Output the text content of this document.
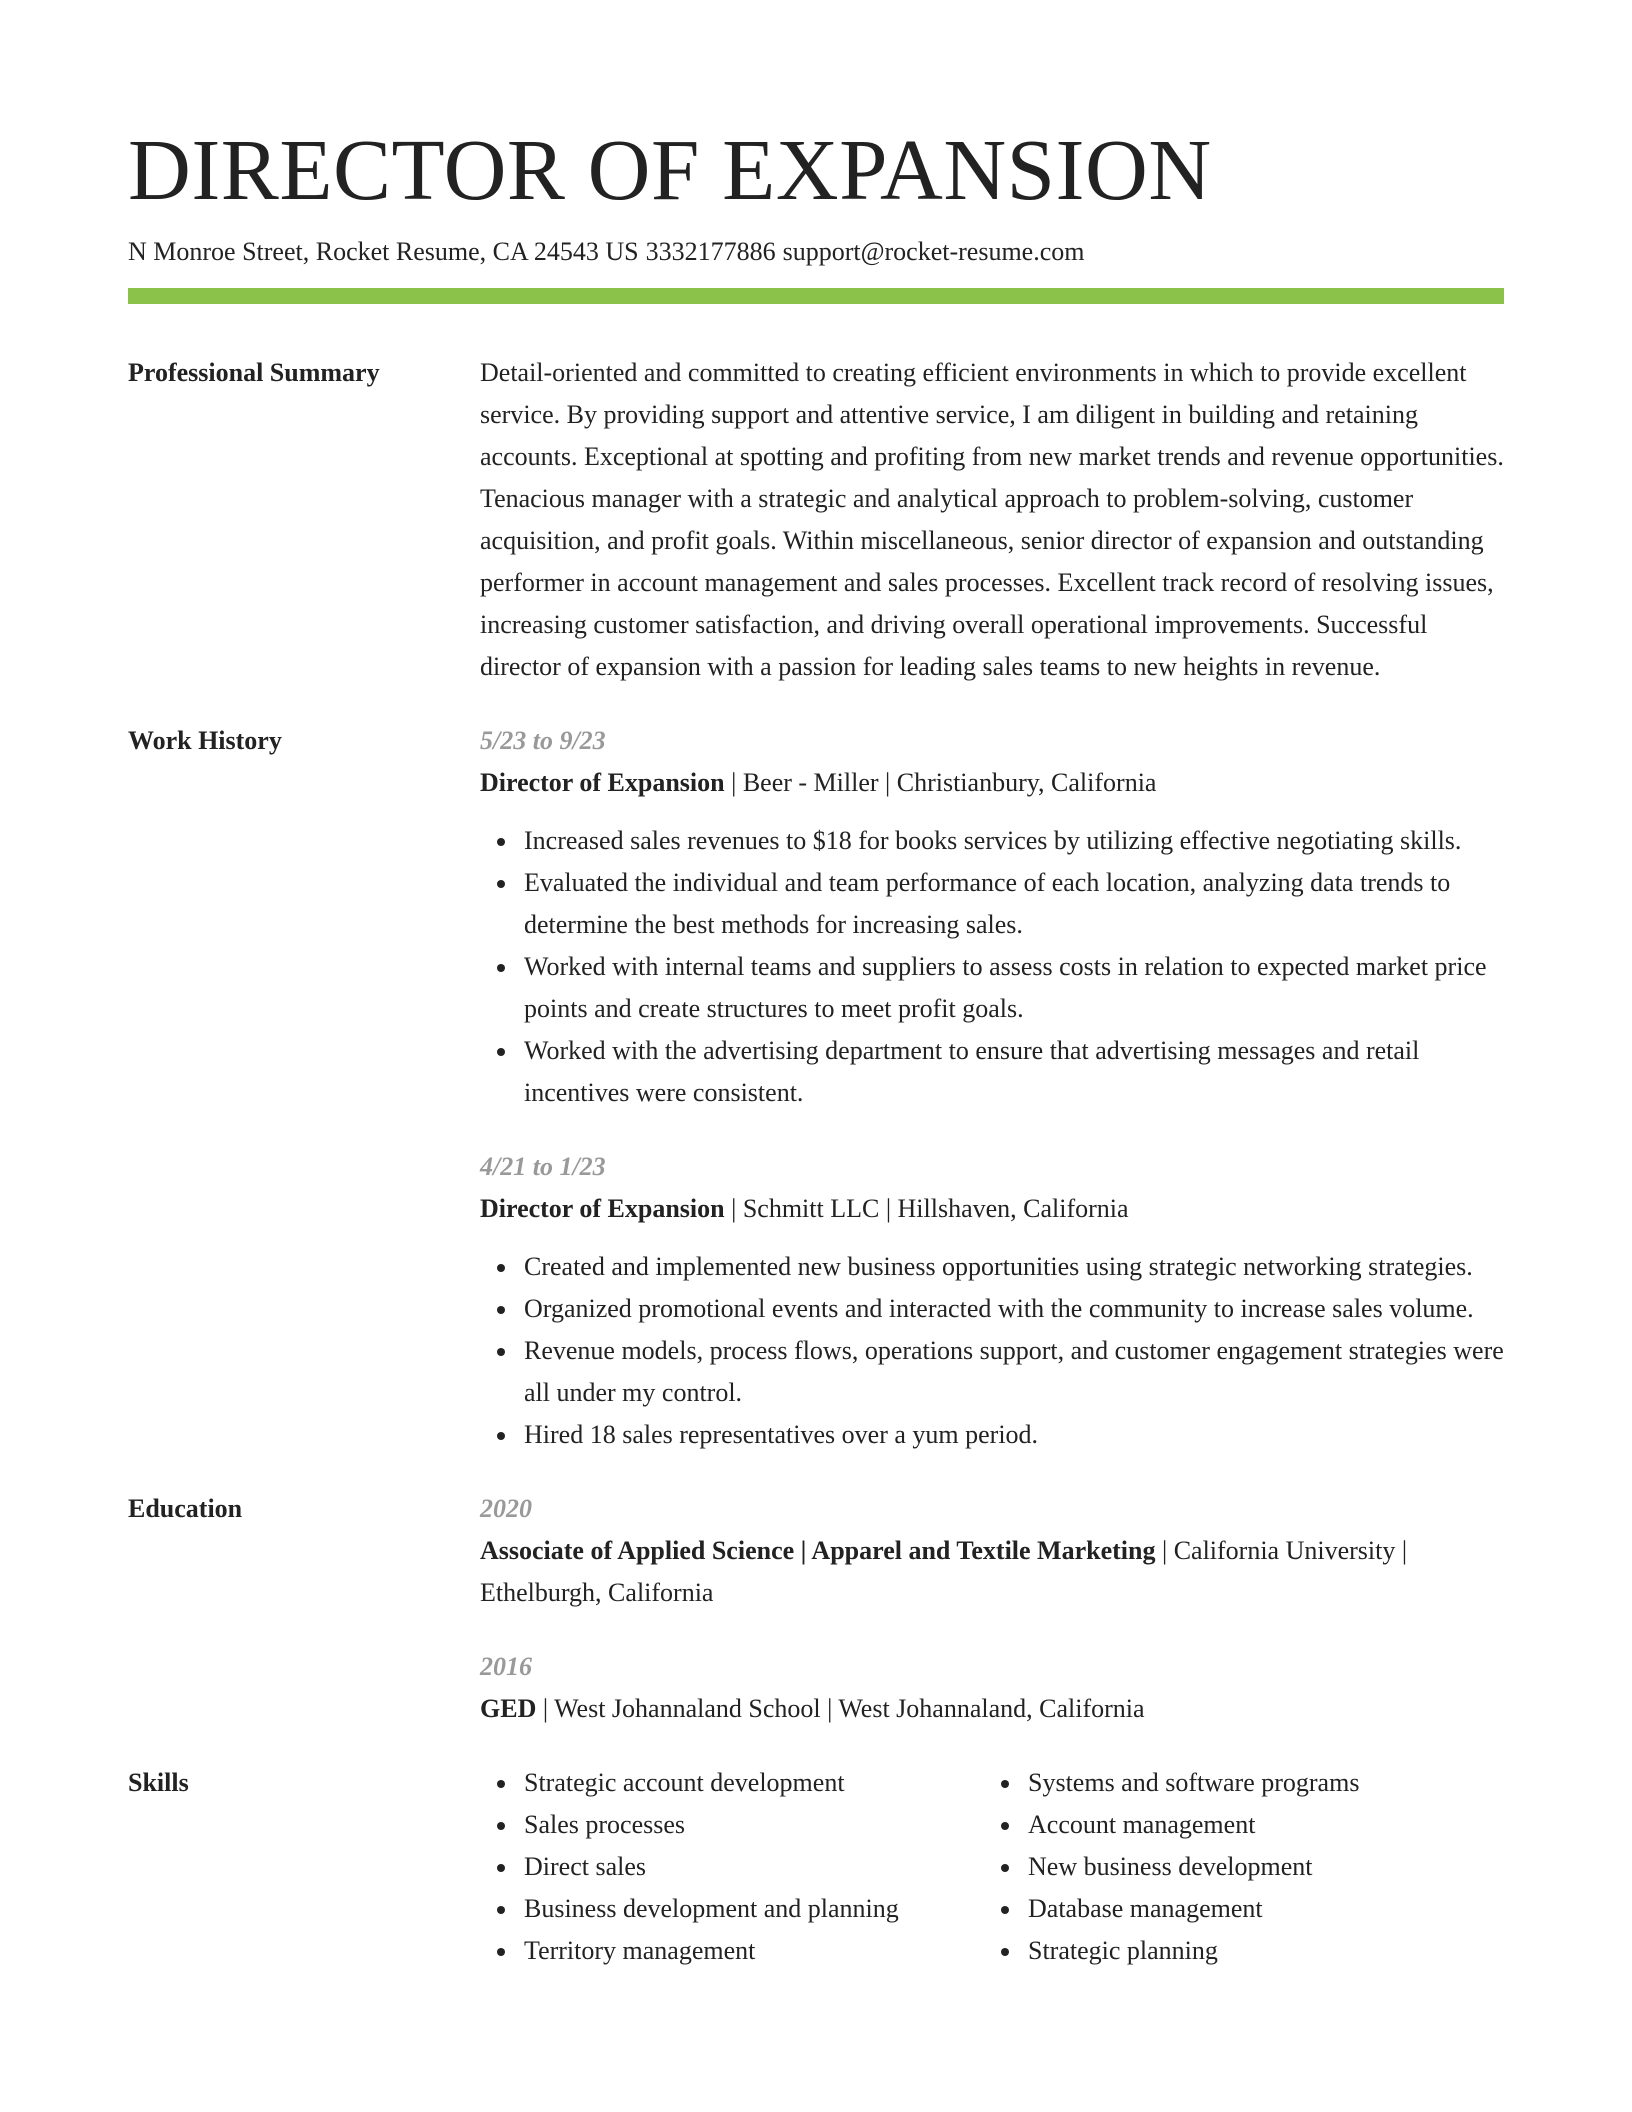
DIRECTOR OF EXPANSION
N Monroe Street, Rocket Resume, CA 24543 US 3332177886 support@rocket-resume.com
Professional Summary	Detail-oriented and committed to creating efficient environments in which to provide excellent service. By providing support and attentive service, I am diligent in building and retaining accounts. Exceptional at spotting and profiting from new market trends and revenue opportunities. Tenacious manager with a strategic and analytical approach to problem-solving, customer acquisition, and profit goals. Within miscellaneous, senior director of expansion and outstanding performer in account management and sales processes. Excellent track record of resolving issues, increasing customer satisfaction, and driving overall operational improvements. Successful director of expansion with a passion for leading sales teams to new heights in revenue.

Work History	5/23 to 9/23
Director of Expansion | Beer - Miller | Christianbury, California
Increased sales revenues to $18 for books services by utilizing effective negotiating skills.
Evaluated the individual and team performance of each location, analyzing data trends to determine the best methods for increasing sales.
Worked with internal teams and suppliers to assess costs in relation to expected market price points and create structures to meet profit goals.
Worked with the advertising department to ensure that advertising messages and retail incentives were consistent.
4/21 to 1/23
Director of Expansion | Schmitt LLC | Hillshaven, California
Created and implemented new business opportunities using strategic networking strategies.
Organized promotional events and interacted with the community to increase sales volume.
Revenue models, process flows, operations support, and customer engagement strategies were all under my control.
Hired 18 sales representatives over a yum period.
Education	2020
Associate of Applied Science | Apparel and Textile Marketing | California University | Ethelburgh, California
2016
GED | West Johannaland School | West Johannaland, California
Skills	Strategic account development
Sales processes
Direct sales
Business development and planning
Territory management
Systems and software programs
Account management
New business development
Database management
Strategic planning
